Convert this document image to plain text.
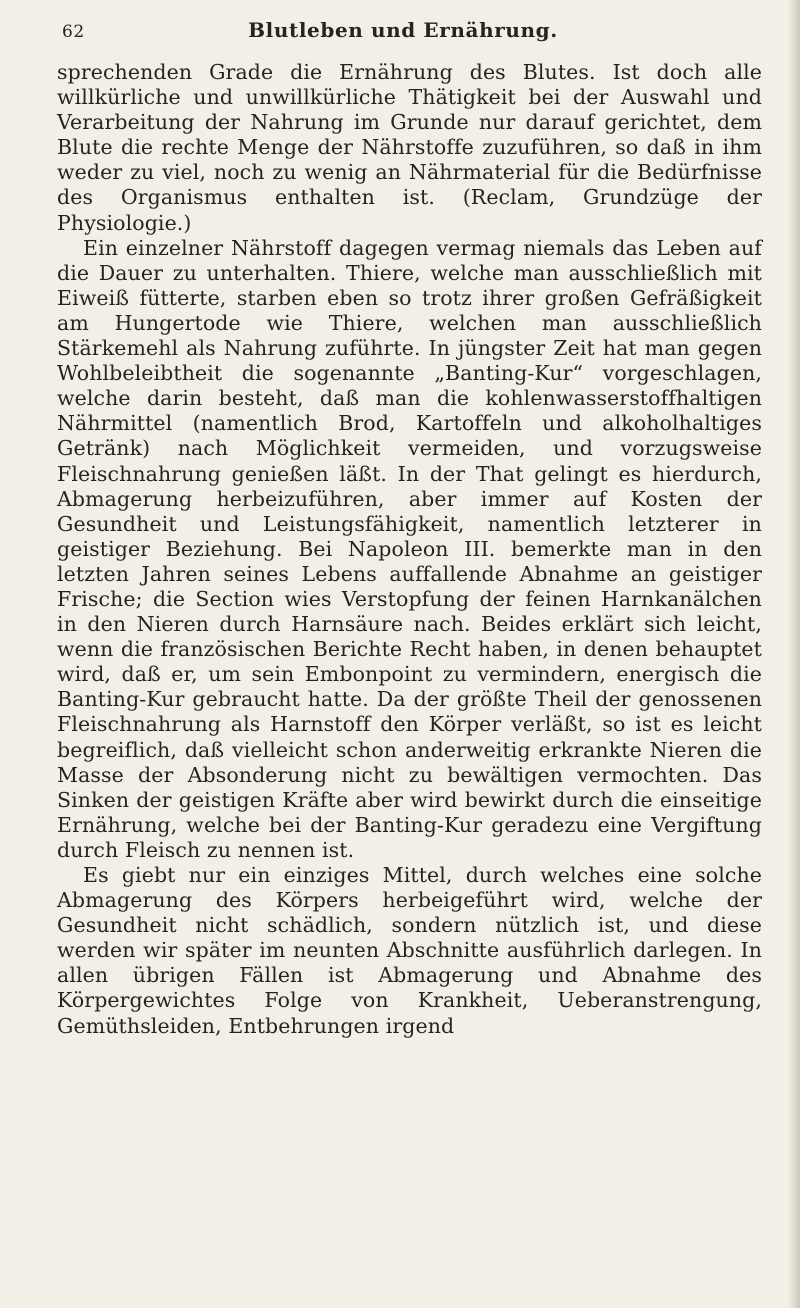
62	Blutleben und Ernährung.

sprechenden Grade die Ernährung des Blutes. Ist doch alle willkürliche und unwillkürliche Thätigkeit bei der Auswahl und Verarbeitung der Nahrung im Grunde nur darauf gerichtet, dem Blute die rechte Menge der Nährstoffe zuzuführen, so daß in ihm weder zu viel, noch zu wenig an Nährmaterial für die Bedürfnisse des Organismus enthalten ist. (Reclam, Grundzüge der Physiologie.)

Ein einzelner Nährstoff dagegen vermag niemals das Leben auf die Dauer zu unterhalten. Thiere, welche man ausschließlich mit Eiweiß fütterte, starben eben so trotz ihrer großen Gefräßigkeit am Hungertode wie Thiere, welchen man ausschließlich Stärkemehl als Nahrung zuführte. In jüngster Zeit hat man gegen Wohlbeleibtheit die sogenannte „Banting-Kur“ vorgeschlagen, welche darin besteht, daß man die kohlenwasserstoffhaltigen Nährmittel (namentlich Brod, Kartoffeln und alkoholhaltiges Getränk) nach Möglichkeit vermeiden, und vorzugsweise Fleischnahrung genießen läßt. In der That gelingt es hierdurch, Abmagerung herbeizuführen, aber immer auf Kosten der Gesundheit und Leistungsfähigkeit, namentlich letzterer in geistiger Beziehung. Bei Napoleon III. bemerkte man in den letzten Jahren seines Lebens auffallende Abnahme an geistiger Frische; die Section wies Verstopfung der feinen Harnkanälchen in den Nieren durch Harnsäure nach. Beides erklärt sich leicht, wenn die französischen Berichte Recht haben, in denen behauptet wird, daß er, um sein Embonpoint zu vermindern, energisch die Banting-Kur gebraucht hatte. Da der größte Theil der genossenen Fleischnahrung als Harnstoff den Körper verläßt, so ist es leicht begreiflich, daß vielleicht schon anderweitig erkrankte Nieren die Masse der Absonderung nicht zu bewältigen vermochten. Das Sinken der geistigen Kräfte aber wird bewirkt durch die einseitige Ernährung, welche bei der Banting-Kur geradezu eine Vergiftung durch Fleisch zu nennen ist.

Es giebt nur ein einziges Mittel, durch welches eine solche Abmagerung des Körpers herbeigeführt wird, welche der Gesundheit nicht schädlich, sondern nützlich ist, und diese werden wir später im neunten Abschnitte ausführlich darlegen. In allen übrigen Fällen ist Abmagerung und Abnahme des Körpergewichtes Folge von Krankheit, Ueberanstrengung, Gemüthsleiden, Entbehrungen irgend
